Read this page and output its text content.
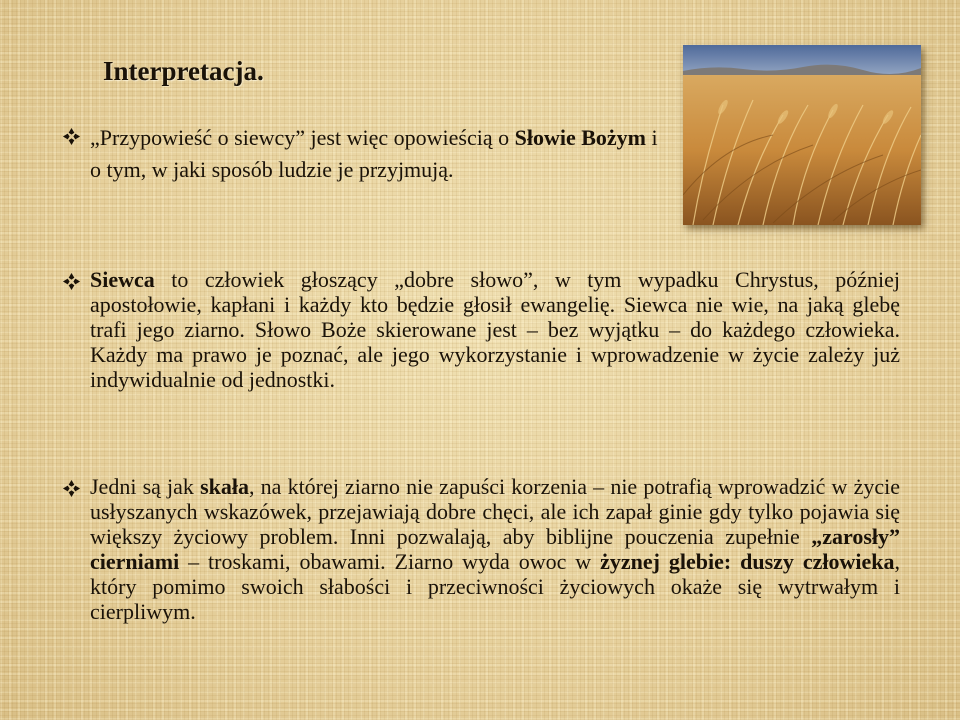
Interpretacja.
„Przypowieść o siewcy” jest więc opowieścią o Słowie Bożym i o tym, w jaki sposób ludzie je przyjmują.
Siewca to człowiek głoszący „dobre słowo”, w tym wypadku Chrystus, później apostołowie, kapłani i każdy kto będzie głosił ewangelię. Siewca nie wie, na jaką glebę trafi jego ziarno. Słowo Boże skierowane jest – bez wyjątku – do każdego człowieka. Każdy ma prawo je poznać, ale jego wykorzystanie i wprowadzenie w życie zależy już indywidualnie od jednostki.
Jedni są jak skała, na której ziarno nie zapuści korzenia – nie potrafią wprowadzić w życie usłyszanych wskazówek, przejawiają dobre chęci, ale ich zapał ginie gdy tylko pojawia się większy życiowy problem. Inni pozwalają, aby biblijne pouczenia zupełnie „zarosły” cierniami – troskami, obawami. Ziarno wyda owoc w żyznej glebie: duszy człowieka, który pomimo swoich słabości i przeciwności życiowych okaże się wytrwałym i cierpliwym.
